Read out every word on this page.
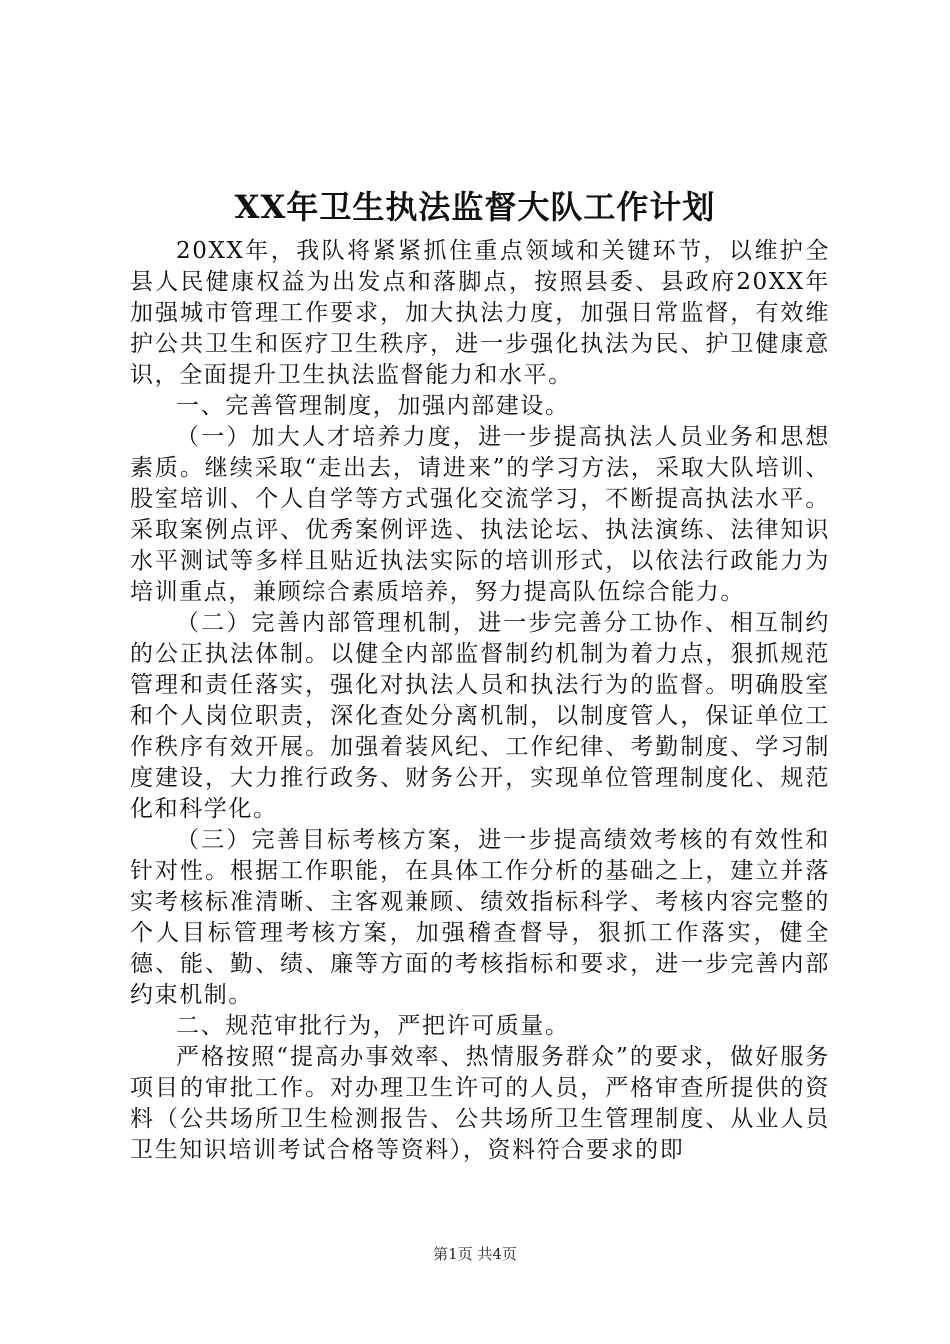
XX年卫生执法监督大队工作计划

20XX年，我队将紧紧抓住重点领域和关键环节，以维护全县人民健康权益为出发点和落脚点，按照县委、县政府20XX年加强城市管理工作要求，加大执法力度，加强日常监督，有效维护公共卫生和医疗卫生秩序，进一步强化执法为民、护卫健康意识，全面提升卫生执法监督能力和水平。

一、完善管理制度，加强内部建设。

（一）加大人才培养力度，进一步提高执法人员业务和思想素质。继续采取“走出去，请进来”的学习方法，采取大队培训、股室培训、个人自学等方式强化交流学习，不断提高执法水平。采取案例点评、优秀案例评选、执法论坛、执法演练、法律知识水平测试等多样且贴近执法实际的培训形式，以依法行政能力为培训重点，兼顾综合素质培养，努力提高队伍综合能力。

（二）完善内部管理机制，进一步完善分工协作、相互制约的公正执法体制。以健全内部监督制约机制为着力点，狠抓规范管理和责任落实，强化对执法人员和执法行为的监督。明确股室和个人岗位职责，深化查处分离机制，以制度管人，保证单位工作秩序有效开展。加强着装风纪、工作纪律、考勤制度、学习制度建设，大力推行政务、财务公开，实现单位管理制度化、规范化和科学化。

（三）完善目标考核方案，进一步提高绩效考核的有效性和针对性。根据工作职能，在具体工作分析的基础之上，建立并落实考核标准清晰、主客观兼顾、绩效指标科学、考核内容完整的个人目标管理考核方案，加强稽查督导，狠抓工作落实，健全德、能、勤、绩、廉等方面的考核指标和要求，进一步完善内部约束机制。

二、规范审批行为，严把许可质量。

严格按照“提高办事效率、热情服务群众”的要求，做好服务项目的审批工作。对办理卫生许可的人员，严格审查所提供的资料（公共场所卫生检测报告、公共场所卫生管理制度、从业人员卫生知识培训考试合格等资料），资料符合要求的即

第1页 共4页
